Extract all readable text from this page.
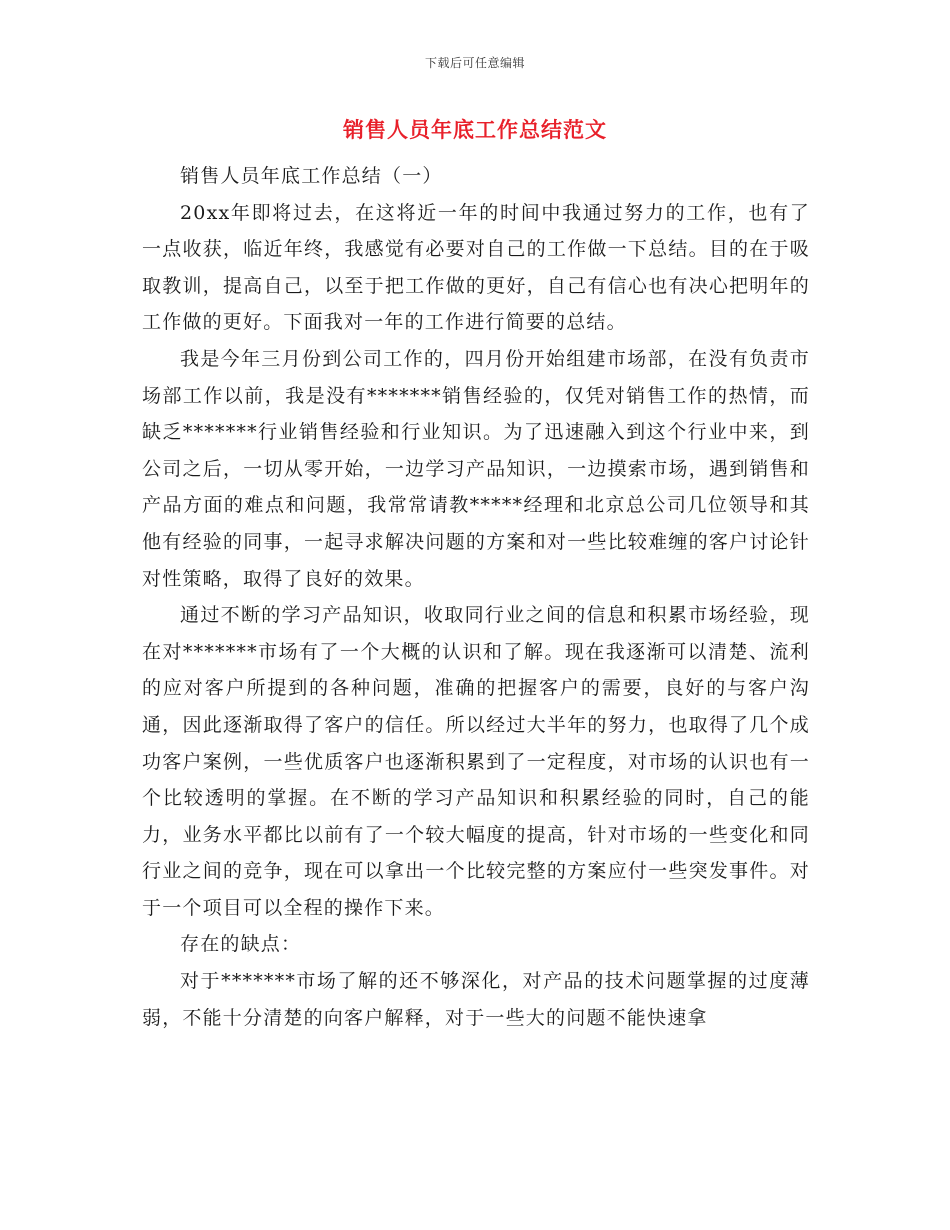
下载后可任意编辑
销售人员年底工作总结范文

销售人员年底工作总结（一）

20xx年即将过去，在这将近一年的时间中我通过努力的工作，也有了一点收获，临近年终，我感觉有必要对自己的工作做一下总结。目的在于吸取教训，提高自己，以至于把工作做的更好，自己有信心也有决心把明年的工作做的更好。下面我对一年的工作进行简要的总结。

我是今年三月份到公司工作的，四月份开始组建市场部，在没有负责市场部工作以前，我是没有*******销售经验的，仅凭对销售工作的热情，而缺乏*******行业销售经验和行业知识。为了迅速融入到这个行业中来，到公司之后，一切从零开始，一边学习产品知识，一边摸索市场，遇到销售和产品方面的难点和问题，我常常请教*****经理和北京总公司几位领导和其他有经验的同事，一起寻求解决问题的方案和对一些比较难缠的客户讨论针对性策略，取得了良好的效果。

通过不断的学习产品知识，收取同行业之间的信息和积累市场经验，现在对*******市场有了一个大概的认识和了解。现在我逐渐可以清楚、流利的应对客户所提到的各种问题，准确的把握客户的需要，良好的与客户沟通，因此逐渐取得了客户的信任。所以经过大半年的努力，也取得了几个成功客户案例，一些优质客户也逐渐积累到了一定程度，对市场的认识也有一个比较透明的掌握。在不断的学习产品知识和积累经验的同时，自己的能力，业务水平都比以前有了一个较大幅度的提高，针对市场的一些变化和同行业之间的竞争，现在可以拿出一个比较完整的方案应付一些突发事件。对于一个项目可以全程的操作下来。

存在的缺点：

对于*******市场了解的还不够深化，对产品的技术问题掌握的过度薄弱，不能十分清楚的向客户解释，对于一些大的问题不能快速拿
